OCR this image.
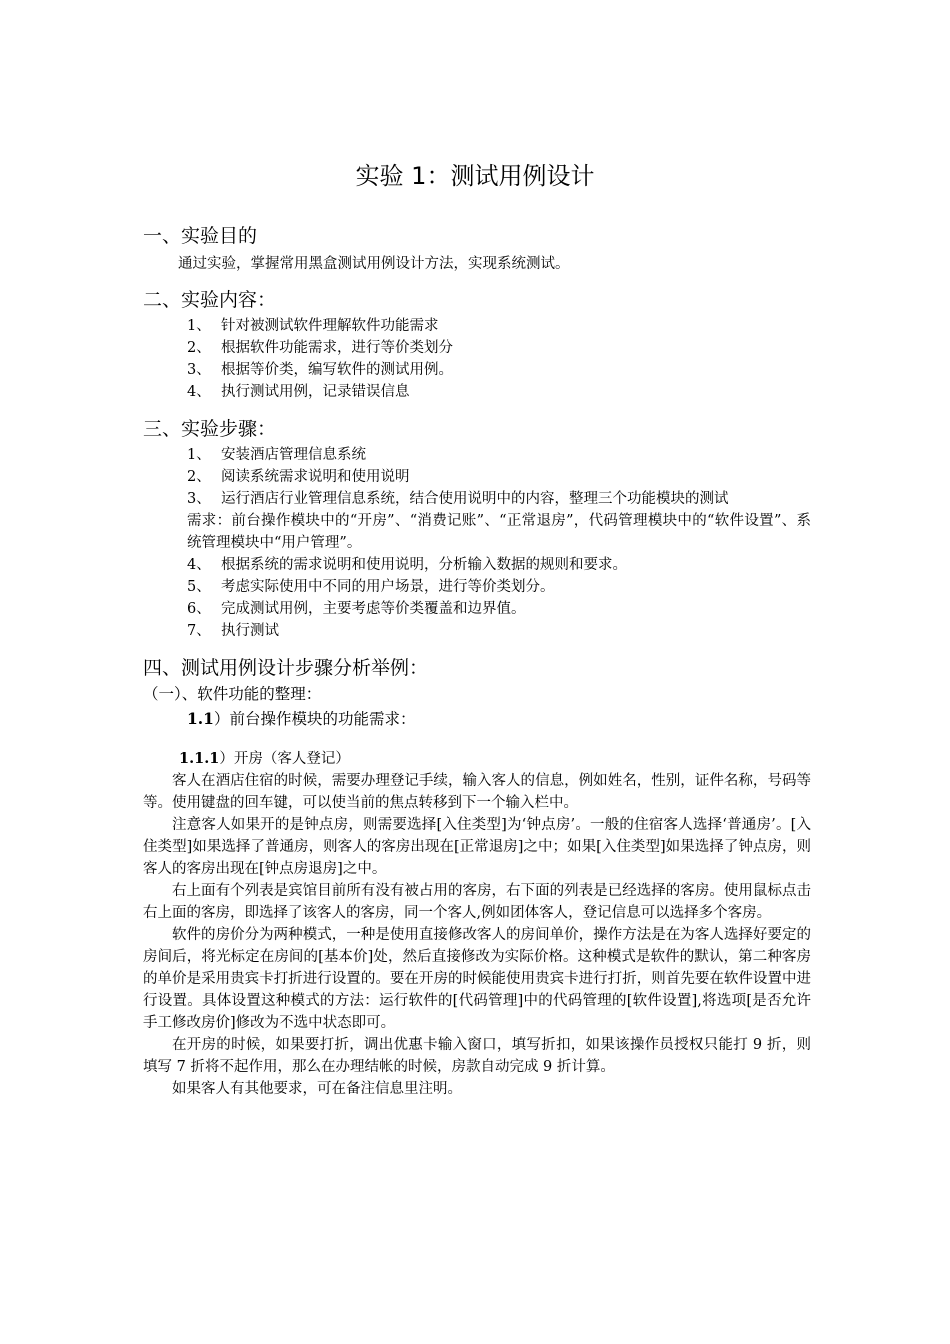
实验 1：测试用例设计
一、实验目的

通过实验，掌握常用黑盒测试用例设计方法，实现系统测试。

二、实验内容：
1、 针对被测试软件理解软件功能需求
2、 根据软件功能需求，进行等价类划分
3、 根据等价类，编写软件的测试用例。
4、 执行测试用例，记录错误信息
三、实验步骤：
1、 安装酒店管理信息系统
2、 阅读系统需求说明和使用说明
3、 运行酒店行业管理信息系统，结合使用说明中的内容，整理三个功能模块的测试

需求：前台操作模块中的“开房”、“消费记账”、“正常退房”，代码管理模块中的“软件设置”、系统管理模块中“用户管理”。

4、 根据系统的需求说明和使用说明，分析输入数据的规则和要求。
5、 考虑实际使用中不同的用户场景，进行等价类划分。
6、 完成测试用例，主要考虑等价类覆盖和边界值。
7、 执行测试
四、测试用例设计步骤分析举例：

（一）、软件功能的整理：

1.1）前台操作模块的功能需求：

1.1.1）开房（客人登记）

客人在酒店住宿的时候，需要办理登记手续，输入客人的信息，例如姓名，性别，证件名称，号码等等。使用键盘的回车键，可以使当前的焦点转移到下一个输入栏中。

注意客人如果开的是钟点房，则需要选择[入住类型]为‘钟点房’。一般的住宿客人选择‘普通房’。[入住类型]如果选择了普通房，则客人的客房出现在[正常退房]之中；如果[入住类型]如果选择了钟点房，则客人的客房出现在[钟点房退房]之中。

右上面有个列表是宾馆目前所有没有被占用的客房，右下面的列表是已经选择的客房。使用鼠标点击右上面的客房，即选择了该客人的客房，同一个客人,例如团体客人，登记信息可以选择多个客房。

软件的房价分为两种模式，一种是使用直接修改客人的房间单价，操作方法是在为客人选择好要定的房间后，将光标定在房间的[基本价]处，然后直接修改为实际价格。这种模式是软件的默认，第二种客房的单价是采用贵宾卡打折进行设置的。要在开房的时候能使用贵宾卡进行打折，则首先要在软件设置中进行设置。具体设置这种模式的方法：运行软件的[代码管理]中的代码管理的[软件设置],将选项[是否允许手工修改房价]修改为不选中状态即可。

在开房的时候，如果要打折，调出优惠卡输入窗口，填写折扣，如果该操作员授权只能打 9 折，则填写 7 折将不起作用，那么在办理结帐的时候，房款自动完成 9 折计算。

如果客人有其他要求，可在备注信息里注明。
